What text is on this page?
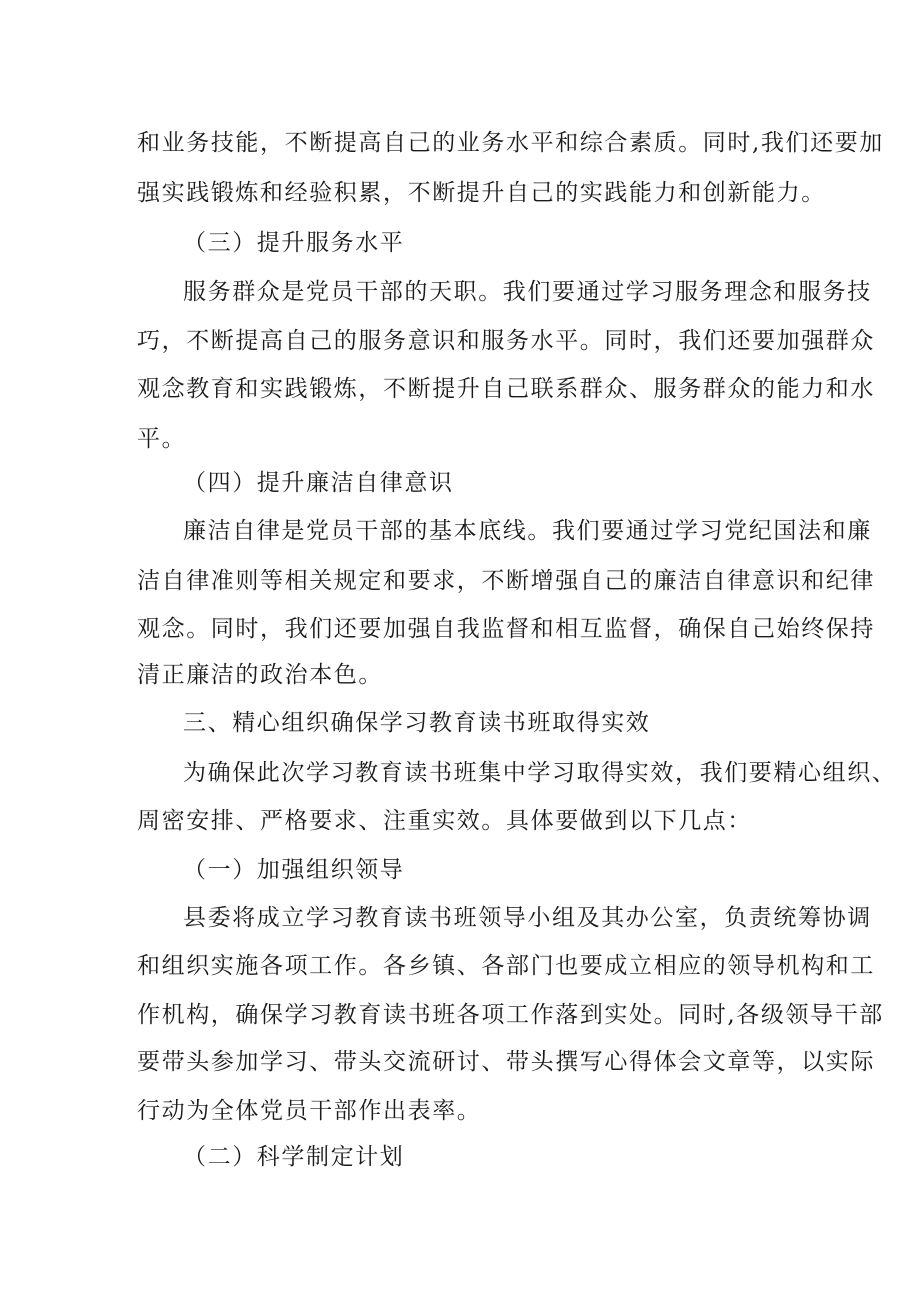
和业务技能，不断提高自己的业务水平和综合素质。同时,我们还要加
强实践锻炼和经验积累，不断提升自己的实践能力和创新能力。
（三）提升服务水平
服务群众是党员干部的天职。我们要通过学习服务理念和服务技
巧，不断提高自己的服务意识和服务水平。同时，我们还要加强群众
观念教育和实践锻炼，不断提升自己联系群众、服务群众的能力和水
平。
（四）提升廉洁自律意识
廉洁自律是党员干部的基本底线。我们要通过学习党纪国法和廉
洁自律准则等相关规定和要求，不断增强自己的廉洁自律意识和纪律
观念。同时，我们还要加强自我监督和相互监督，确保自己始终保持
清正廉洁的政治本色。
三、精心组织确保学习教育读书班取得实效
为确保此次学习教育读书班集中学习取得实效，我们要精心组织、
周密安排、严格要求、注重实效。具体要做到以下几点：
（一）加强组织领导
县委将成立学习教育读书班领导小组及其办公室，负责统筹协调
和组织实施各项工作。各乡镇、各部门也要成立相应的领导机构和工
作机构，确保学习教育读书班各项工作落到实处。同时,各级领导干部
要带头参加学习、带头交流研讨、带头撰写心得体会文章等，以实际
行动为全体党员干部作出表率。
（二）科学制定计划
